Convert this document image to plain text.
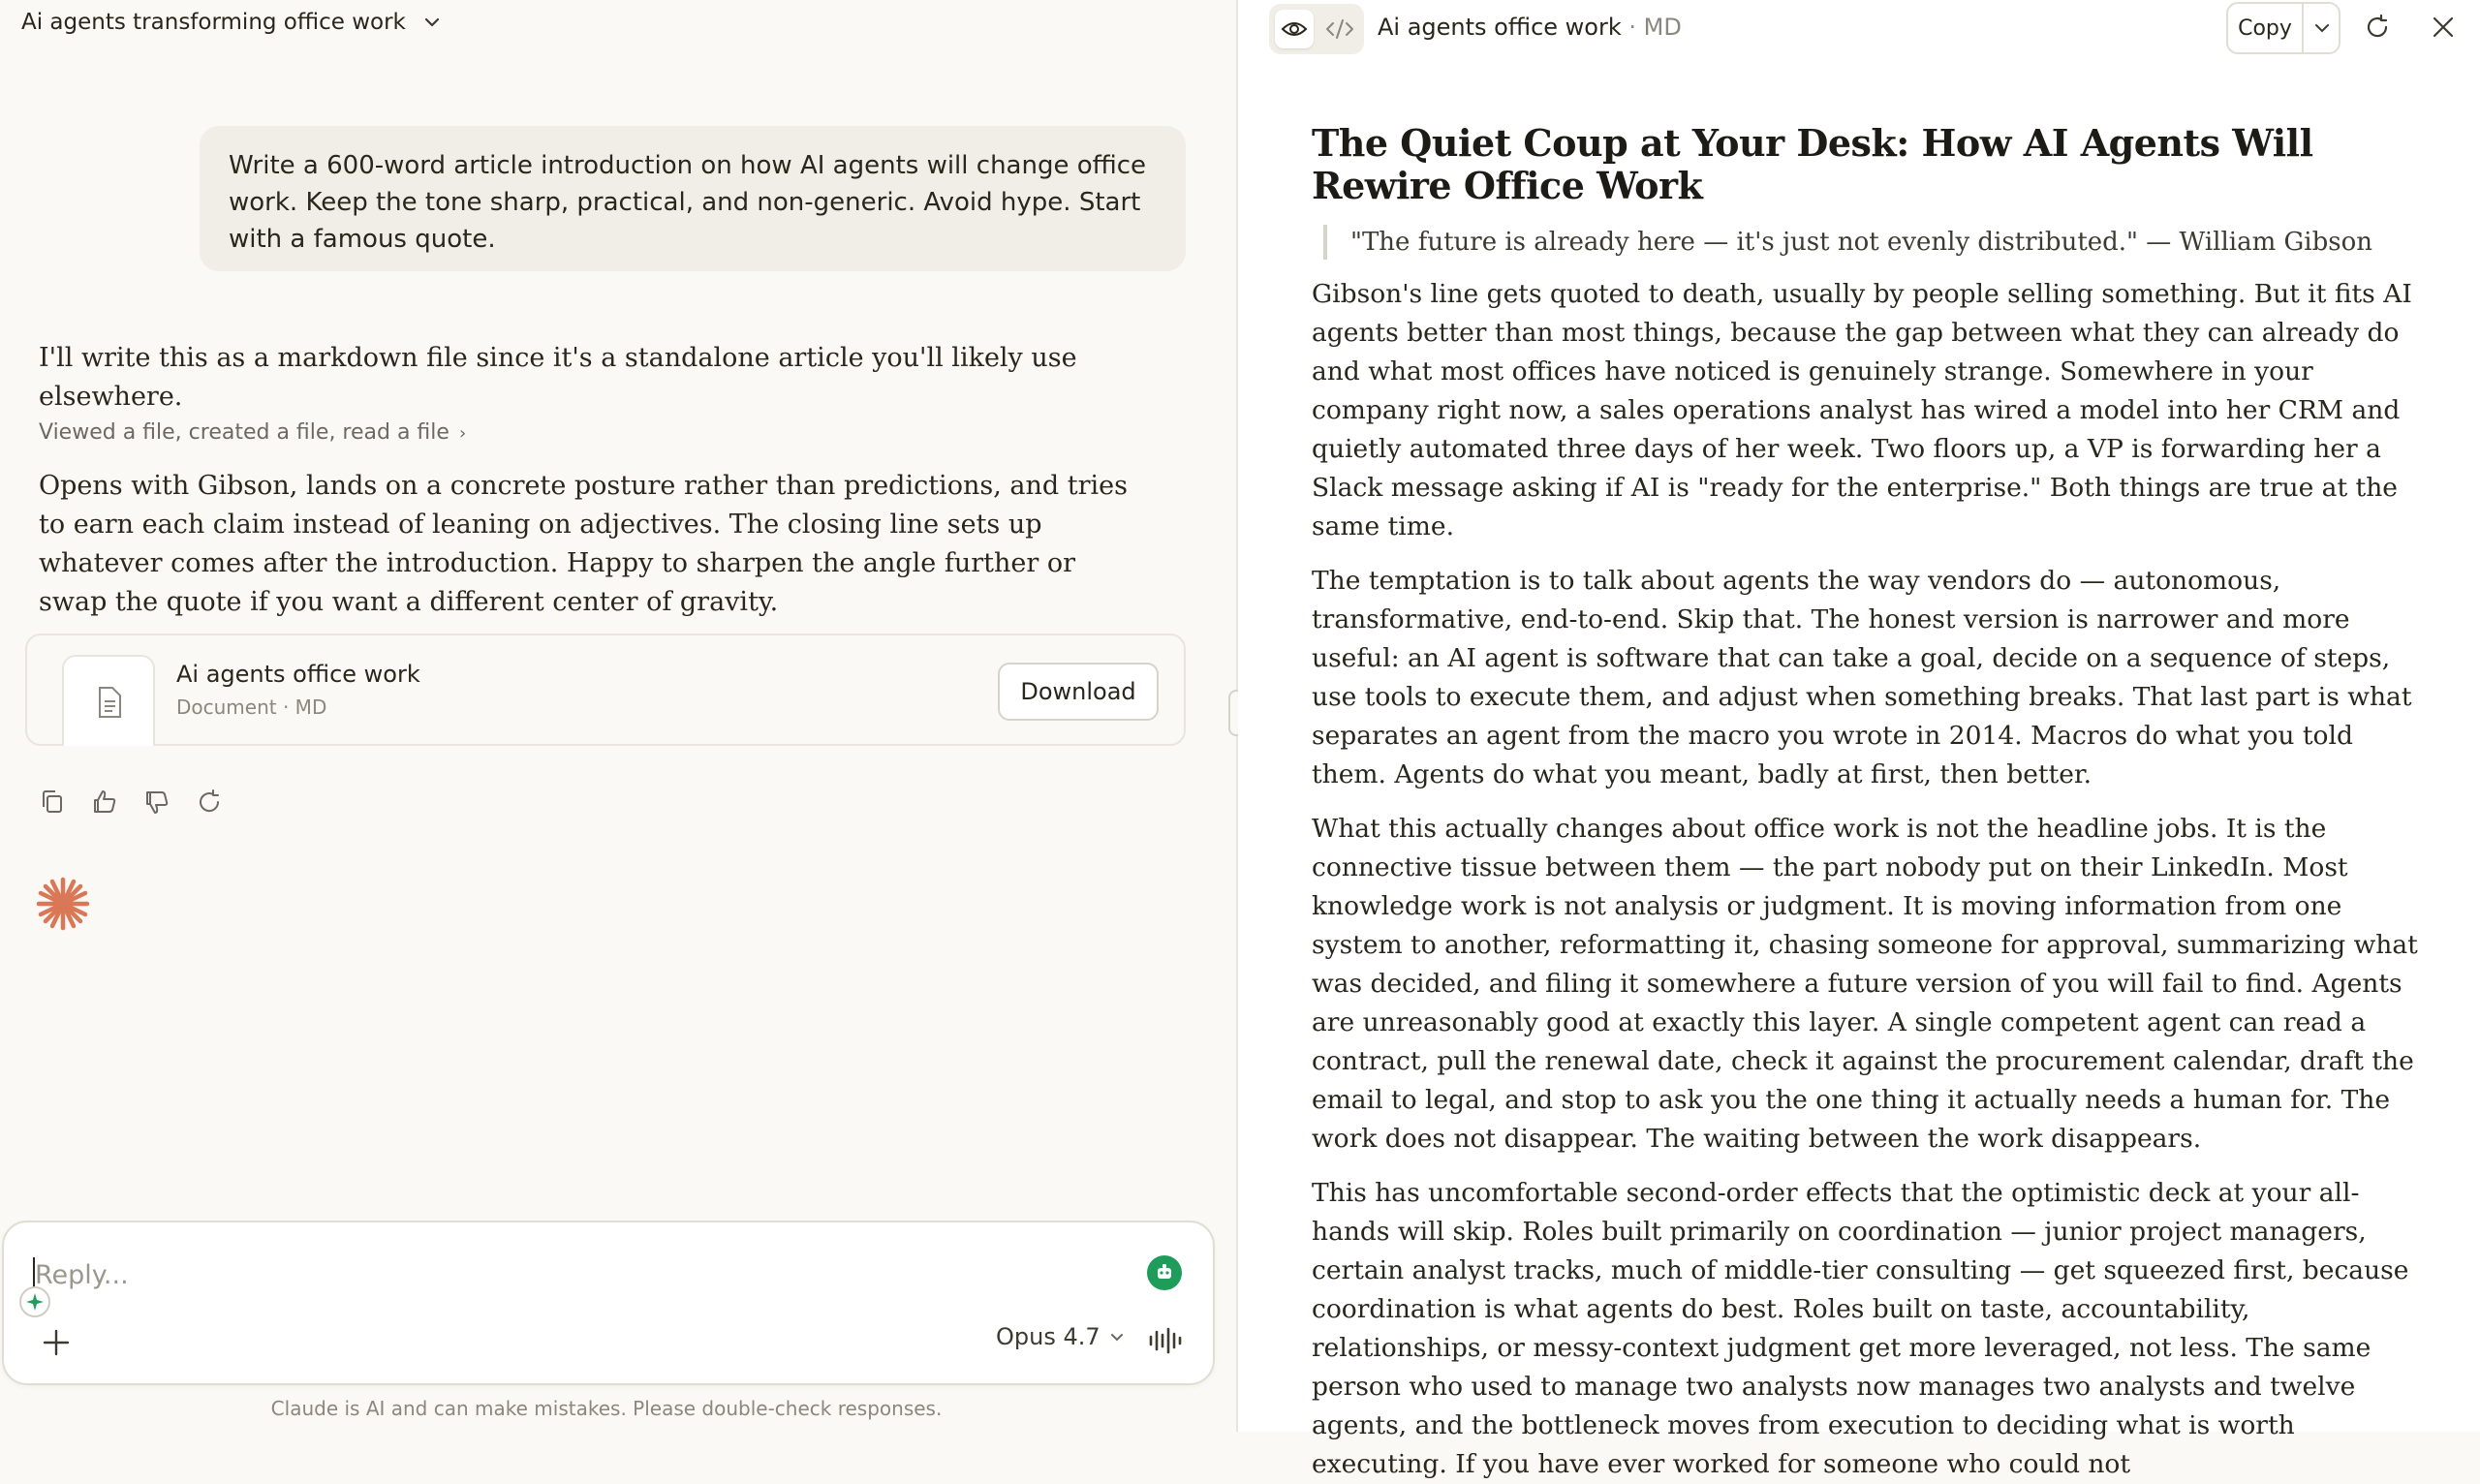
Ai agents transforming office work
Write a 600-word article introduction on how AI agents will change office work. Keep the tone sharp, practical, and non-generic. Avoid hype. Start with a famous quote.
I'll write this as a markdown file since it's a standalone article you'll likely use elsewhere.
Viewed a file, created a file, read a file ›
Opens with Gibson, lands on a concrete posture rather than predictions, and tries to earn each claim instead of leaning on adjectives. The closing line sets up whatever comes after the introduction. Happy to sharpen the angle further or swap the quote if you want a different center of gravity.
Ai agents office work
Document · MD
Download
Reply...
Opus 4.7
Claude is AI and can make mistakes. Please double-check responses.
Ai agents office work · MD	Copy
The Quiet Coup at Your Desk: How AI Agents Will Rewire Office Work
"The future is already here — it's just not evenly distributed." — William Gibson

Gibson's line gets quoted to death, usually by people selling something. But it fits AI agents better than most things, because the gap between what they can already do and what most offices have noticed is genuinely strange. Somewhere in your company right now, a sales operations analyst has wired a model into her CRM and quietly automated three days of her week. Two floors up, a VP is forwarding her a Slack message asking if AI is "ready for the enterprise." Both things are true at the same time.

The temptation is to talk about agents the way vendors do — autonomous, transformative, end-to-end. Skip that. The honest version is narrower and more useful: an AI agent is software that can take a goal, decide on a sequence of steps, use tools to execute them, and adjust when something breaks. That last part is what separates an agent from the macro you wrote in 2014. Macros do what you told them. Agents do what you meant, badly at first, then better.

What this actually changes about office work is not the headline jobs. It is the connective tissue between them — the part nobody put on their LinkedIn. Most knowledge work is not analysis or judgment. It is moving information from one system to another, reformatting it, chasing someone for approval, summarizing what was decided, and filing it somewhere a future version of you will fail to find. Agents are unreasonably good at exactly this layer. A single competent agent can read a contract, pull the renewal date, check it against the procurement calendar, draft the email to legal, and stop to ask you the one thing it actually needs a human for. The work does not disappear. The waiting between the work disappears.

This has uncomfortable second-order effects that the optimistic deck at your all-hands will skip. Roles built primarily on coordination — junior project managers, certain analyst tracks, much of middle-tier consulting — get squeezed first, because coordination is what agents do best. Roles built on taste, accountability, relationships, or messy-context judgment get more leveraged, not less. The same person who used to manage two analysts now manages two analysts and twelve agents, and the bottleneck moves from execution to deciding what is worth executing. If you have ever worked for someone who could not
